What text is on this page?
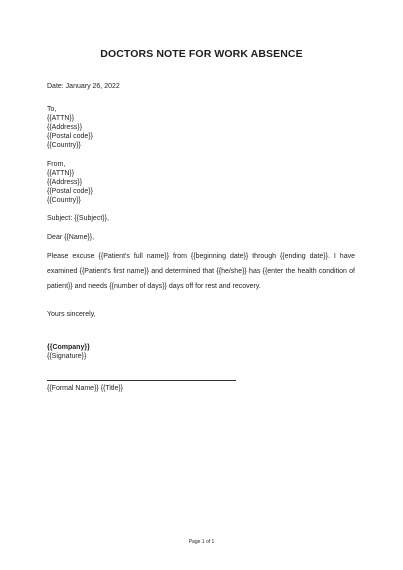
DOCTORS NOTE FOR WORK ABSENCE
Date: January 26, 2022
To,
{{ATTN}}
{{Address}}
{{Postal code}}
{{Country}}
From,
{{ATTN}}
{{Address}}
{{Postal code}}
{{Country}}
Subject: {{Subject}},
Dear {{Name}},
Please excuse {{Patient's full name}} from {{beginning date}} through {{ending date}}. I have examined {{Patient's first name}} and determined that {{he/she}} has {{enter the health condition of patient}} and needs {{number of days}} days off for rest and recovery.
Yours sincerely,
{{Company}}
{{Signature}}
{{Formal Name}} {{Title}}
Page 1 of 1
